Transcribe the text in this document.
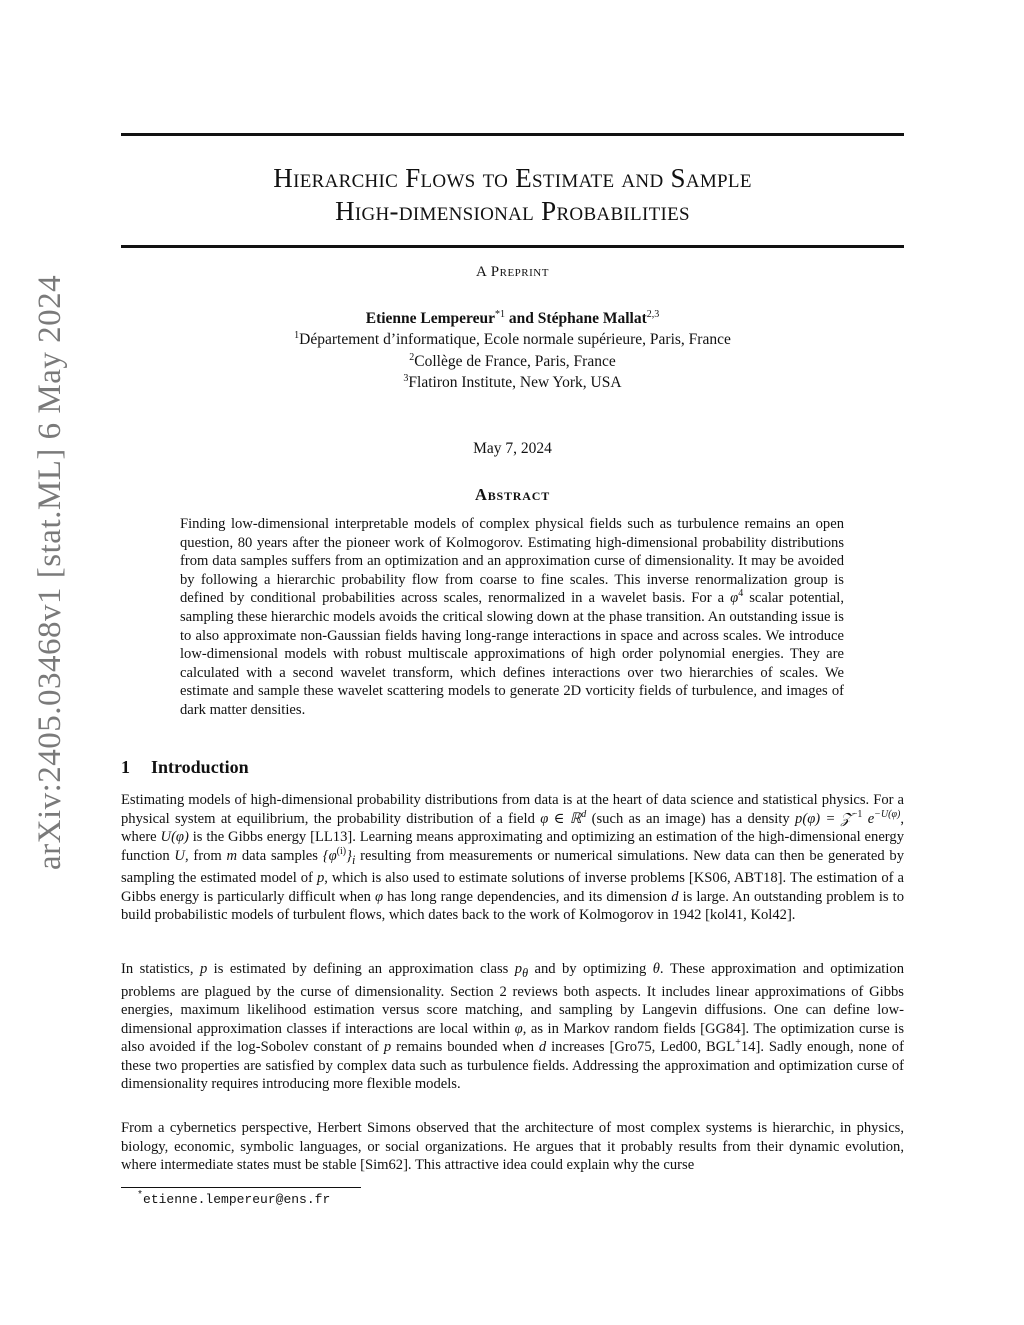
arXiv:2405.03468v1 [stat.ML] 6 May 2024
Hierarchic Flows to Estimate and Sample
High-dimensional Probabilities
A Preprint
Etienne Lempereur$^{*1}$ and Stéphane Mallat$^{2,3}$
$^1$Département d’informatique, Ecole normale supérieure, Paris, France
$^2$Collège de France, Paris, France
$^3$Flatiron Institute, New York, USA
May 7, 2024
Abstract
Finding low-dimensional interpretable models of complex physical fields such as turbulence remains an open question, 80 years after the pioneer work of Kolmogorov. Estimating high-dimensional probability distributions from data samples suffers from an optimization and an approximation curse of dimensionality. It may be avoided by following a hierarchic probability flow from coarse to fine scales. This inverse renormalization group is defined by conditional probabilities across scales, renormalized in a wavelet basis. For a $\varphi^4$ scalar potential, sampling these hierarchic models avoids the critical slowing down at the phase transition. An outstanding issue is to also approximate non-Gaussian fields having long-range interactions in space and across scales. We introduce low-dimensional models with robust multiscale approximations of high order polynomial energies. They are calculated with a second wavelet transform, which defines interactions over two hierarchies of scales. We estimate and sample these wavelet scattering models to generate 2D vorticity fields of turbulence, and images of dark matter densities.
1 Introduction
Estimating models of high-dimensional probability distributions from data is at the heart of data science and statistical physics. For a physical system at equilibrium, the probability distribution of a field φ ∈ ℝ$^d$ (such as an image) has a density p(φ) = 𝒵$^{-1}$ $e^{-U(\varphi)}$, where U(φ) is the Gibbs energy [LL13]. Learning means approximating and optimizing an estimation of the high-dimensional energy function U, from m data samples $\{\varphi^{(i)}\}_i$ resulting from measurements or numerical simulations. New data can then be generated by sampling the estimated model of p, which is also used to estimate solutions of inverse problems [KS06, ABT18]. The estimation of a Gibbs energy is particularly difficult when φ has long range dependencies, and its dimension d is large. An outstanding problem is to build probabilistic models of turbulent flows, which dates back to the work of Kolmogorov in 1942 [kol41, Kol42].
In statistics, p is estimated by defining an approximation class $p_\theta$ and by optimizing θ. These approximation and optimization problems are plagued by the curse of dimensionality. Section 2 reviews both aspects. It includes linear approximations of Gibbs energies, maximum likelihood estimation versus score matching, and sampling by Langevin diffusions. One can define low-dimensional approximation classes if interactions are local within φ, as in Markov random fields [GG84]. The optimization curse is also avoided if the log-Sobolev constant of p remains bounded when d increases [Gro75, Led00, BGL+14]. Sadly enough, none of these two properties are satisfied by complex data such as turbulence fields. Addressing the approximation and optimization curse of dimensionality requires introducing more flexible models.
From a cybernetics perspective, Herbert Simons observed that the architecture of most complex systems is hierarchic, in physics, biology, economic, symbolic languages, or social organizations. He argues that it probably results from their dynamic evolution, where intermediate states must be stable [Sim62]. This attractive idea could explain why the curse
*etienne.lempereur@ens.fr
